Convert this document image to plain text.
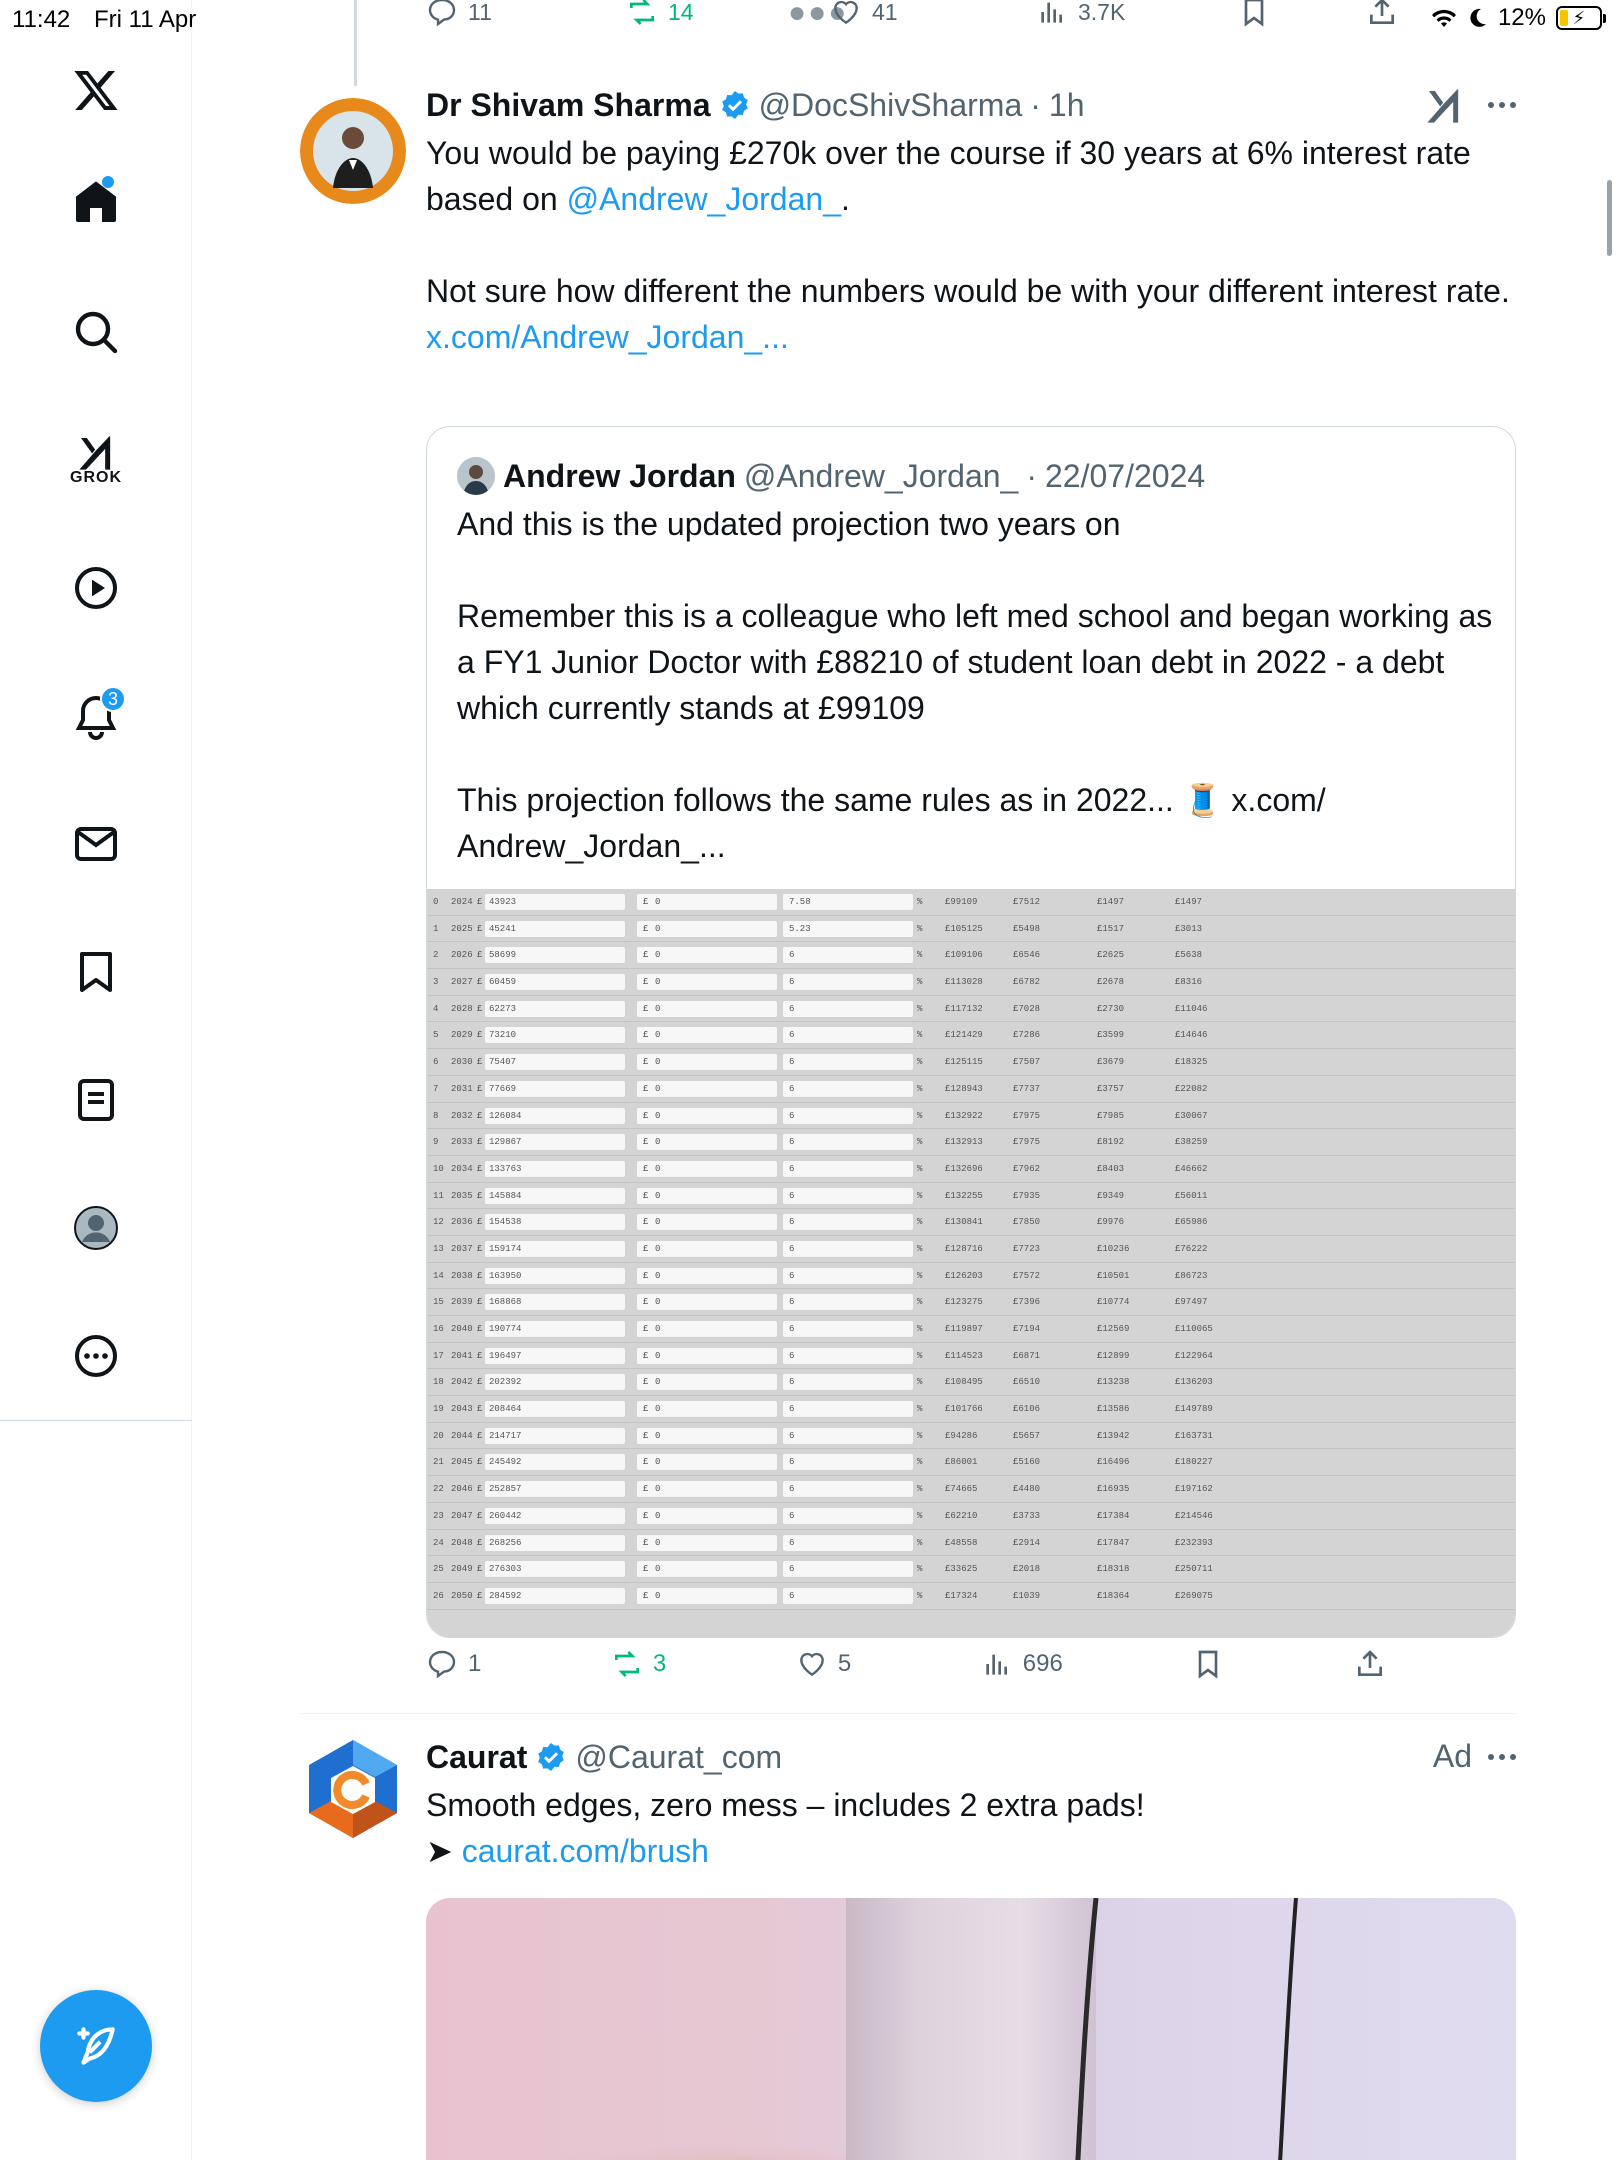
11:42 Fri 11 Apr	12% ⚡
GROK
3
11	14	●●● 41	3.7K
Dr Shivam Sharma @DocShivSharma · 1h
You would be paying £270k over the course if 30 years at 6% interest rate based on @Andrew_Jordan_.
Not sure how different the numbers would be with your different interest rate.
x.com/Andrew_Jordan_...
Andrew Jordan @Andrew_Jordan_ · 22/07/2024
And this is the updated projection two years on
Remember this is a colleague who left med school and began working as a FY1 Junior Doctor with £88210 of student loan debt in 2022 - a debt which currently stands at £99109
This projection follows the same rules as in 2022... 🧵 x.com/ Andrew_Jordan_...
0 2024 £ 43923	£ 0	7.58	%	£99109	£7512	£1497	£1497
1 2025 £ 45241	£ 0	5.23	%	£105125	£5498	£1517	£3013
2 2026 £ 58699	£ 0	6	%	£109106	£6546	£2625	£5638
3 2027 £ 60459	£ 0	6	%	£113028	£6782	£2678	£8316
4 2028 £ 62273	£ 0	6	%	£117132	£7028	£2730	£11046
5 2029 £ 73210	£ 0	6	%	£121429	£7286	£3599	£14646
6 2030 £ 75407	£ 0	6	%	£125115	£7507	£3679	£18325
7 2031 £ 77669	£ 0	6	%	£128943	£7737	£3757	£22082
8 2032 £ 126084	£ 0	6	%	£132922	£7975	£7985	£30067
9 2033 £ 129867	£ 0	6	%	£132913	£7975	£8192	£38259
10 2034 £ 133763	£ 0	6	%	£132696	£7962	£8403	£46662
11 2035 £ 145884	£ 0	6	%	£132255	£7935	£9349	£56011
12 2036 £ 154538	£ 0	6	%	£130841	£7850	£9976	£65986
13 2037 £ 159174	£ 0	6	%	£128716	£7723	£10236	£76222
14 2038 £ 163950	£ 0	6	%	£126203	£7572	£10501	£86723
15 2039 £ 168868	£ 0	6	%	£123275	£7396	£10774	£97497
16 2040 £ 190774	£ 0	6	%	£119897	£7194	£12569	£110065
17 2041 £ 196497	£ 0	6	%	£114523	£6871	£12899	£122964
18 2042 £ 202392	£ 0	6	%	£108495	£6510	£13238	£136203
19 2043 £ 208464	£ 0	6	%	£101766	£6106	£13586	£149789
20 2044 £ 214717	£ 0	6	%	£94286	£5657	£13942	£163731
21 2045 £ 245492	£ 0	6	%	£86001	£5160	£16496	£180227
22 2046 £ 252857	£ 0	6	%	£74665	£4480	£16935	£197162
23 2047 £ 260442	£ 0	6	%	£62210	£3733	£17384	£214546
24 2048 £ 268256	£ 0	6	%	£48558	£2914	£17847	£232393
25 2049 £ 276303	£ 0	6	%	£33625	£2018	£18318	£250711
26 2050 £ 284592	£ 0	6	%	£17324	£1039	£18364	£269075
1	3	5	696
Caurat @Caurat_com	Ad
Smooth edges, zero mess – includes 2 extra pads!
➤ caurat.com/brush
